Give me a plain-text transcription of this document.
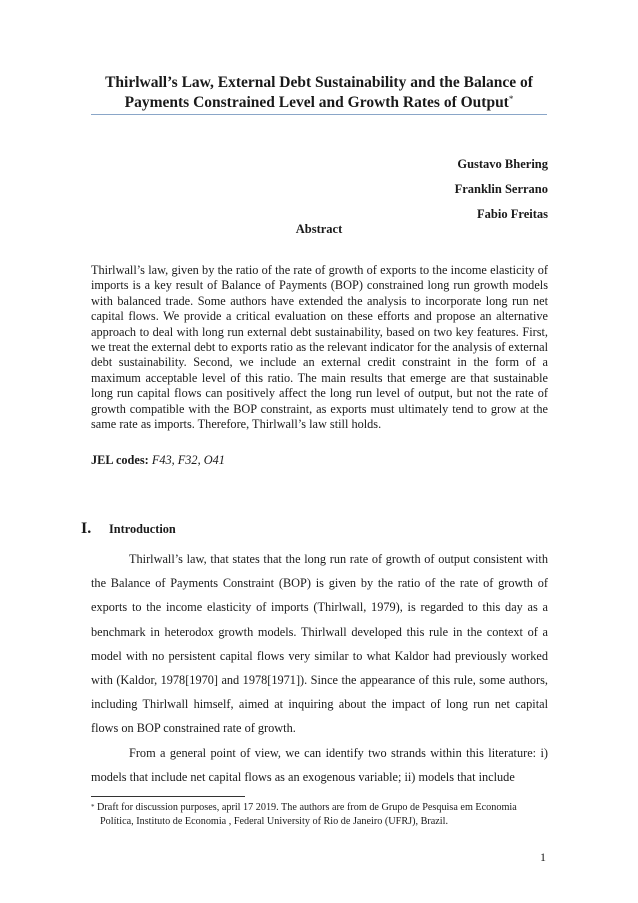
Thirlwall’s Law, External Debt Sustainability and the Balance of
Payments Constrained Level and Growth Rates of Output*
Gustavo Bhering
Franklin Serrano
Fabio Freitas
Abstract

Thirlwall’s law, given by the ratio of the rate of growth of exports to the income elasticity of imports is a key result of Balance of Payments (BOP) constrained long run growth models with balanced trade. Some authors have extended the analysis to incorporate long run net capital flows. We provide a critical evaluation on these efforts and propose an alternative approach to deal with long run external debt sustainability, based on two key features. First, we treat the external debt to exports ratio as the relevant indicator for the analysis of external debt sustainability. Second, we include an external credit constraint in the form of a maximum acceptable level of this ratio. The main results that emerge are that sustainable long run capital flows can positively affect the long run level of output, but not the rate of growth compatible with the BOP constraint, as exports must ultimately tend to grow at the same rate as imports. Therefore, Thirlwall’s law still holds.

JEL codes: F43, F32, O41
I. Introduction

Thirlwall’s law, that states that the long run rate of growth of output consistent with the Balance of Payments Constraint (BOP) is given by the ratio of the rate of growth of exports to the income elasticity of imports (Thirlwall, 1979), is regarded to this day as a benchmark in heterodox growth models. Thirlwall developed this rule in the context of a model with no persistent capital flows very similar to what Kaldor had previously worked with (Kaldor, 1978[1970] and 1978[1971]). Since the appearance of this rule, some authors, including Thirlwall himself, aimed at inquiring about the impact of long run net capital flows on BOP constrained rate of growth.

From a general point of view, we can identify two strands within this literature: i) models that include net capital flows as an exogenous variable; ii) models that include

* Draft for discussion purposes, april 17 2019. The authors are from de Grupo de Pesquisa em Economia Política, Instituto de Economia , Federal University of Rio de Janeiro (UFRJ), Brazil.
1
